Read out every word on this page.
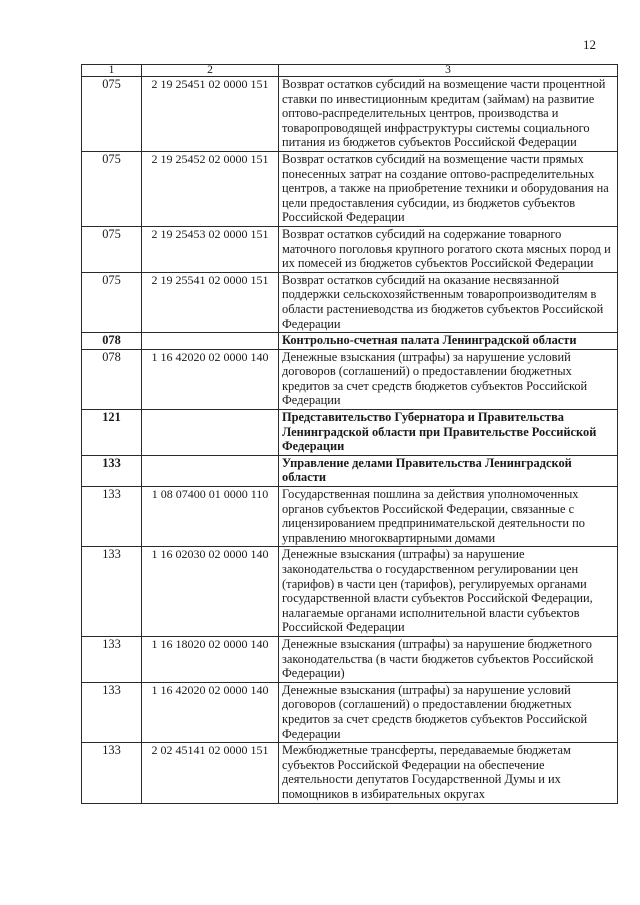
12
1	2	3
075	2 19 25451 02 0000 151	Возврат остатков субсидий на возмещение части процентной ставки по инвестиционным кредитам (займам) на развитие оптово-распределительных центров, производства и товаропроводящей инфраструктуры системы социального питания из бюджетов субъектов Российской Федерации
075	2 19 25452 02 0000 151	Возврат остатков субсидий на возмещение части прямых понесенных затрат на создание оптово-распределительных центров, а также на приобретение техники и оборудования на цели предоставления субсидии, из бюджетов субъектов Российской Федерации
075	2 19 25453 02 0000 151	Возврат остатков субсидий на содержание товарного маточного поголовья крупного рогатого скота мясных пород и их помесей из бюджетов субъектов Российской Федерации
075	2 19 25541 02 0000 151	Возврат остатков субсидий на оказание несвязанной поддержки сельскохозяйственным товаропроизводителям в области растениеводства из бюджетов субъектов Российской Федерации
078		Контрольно-счетная палата Ленинградской области
078	1 16 42020 02 0000 140	Денежные взыскания (штрафы) за нарушение условий договоров (соглашений) о предоставлении бюджетных кредитов за счет средств бюджетов субъектов Российской Федерации
121		Представительство Губернатора и Правительства Ленинградской области при Правительстве Российской Федерации
133		Управление делами Правительства Ленинградской области
133	1 08 07400 01 0000 110	Государственная пошлина за действия уполномоченных органов субъектов Российской Федерации, связанные с лицензированием предпринимательской деятельности по управлению многоквартирными домами
133	1 16 02030 02 0000 140	Денежные взыскания (штрафы) за нарушение законодательства о государственном регулировании цен (тарифов) в части цен (тарифов), регулируемых органами государственной власти субъектов Российской Федерации, налагаемые органами исполнительной власти субъектов Российской Федерации
133	1 16 18020 02 0000 140	Денежные взыскания (штрафы) за нарушение бюджетного законодательства (в части бюджетов субъектов Российской Федерации)
133	1 16 42020 02 0000 140	Денежные взыскания (штрафы) за нарушение условий договоров (соглашений) о предоставлении бюджетных кредитов за счет средств бюджетов субъектов Российской Федерации
133	2 02 45141 02 0000 151	Межбюджетные трансферты, передаваемые бюджетам субъектов Российской Федерации на обеспечение деятельности депутатов Государственной Думы и их помощников в избирательных округах
